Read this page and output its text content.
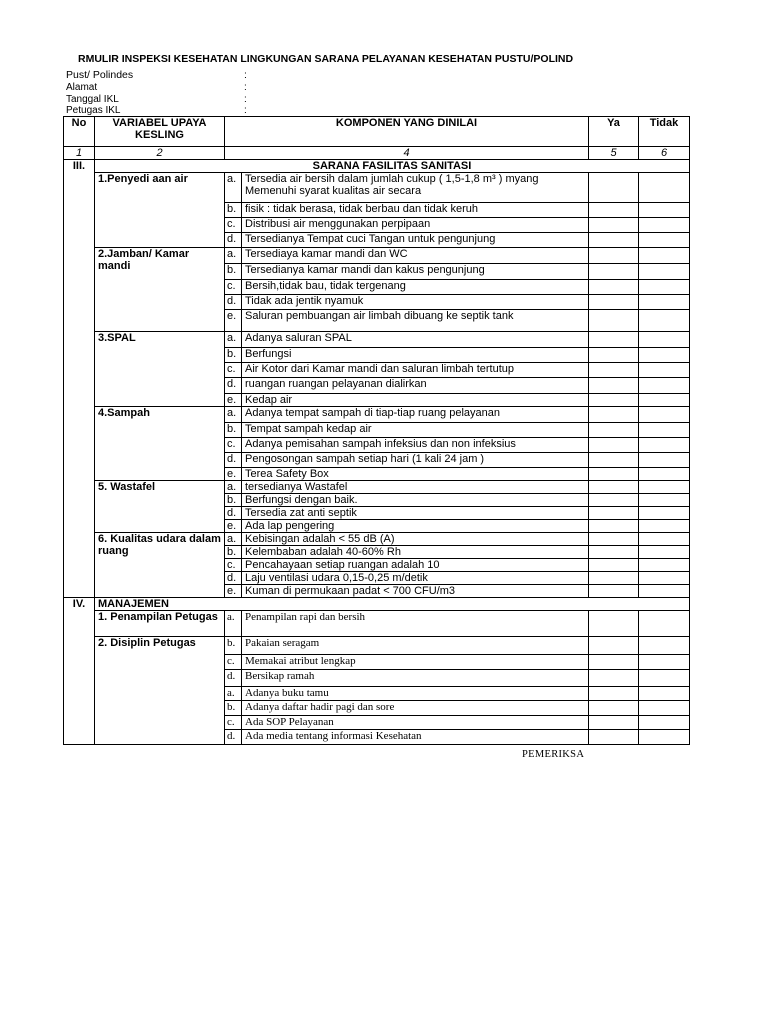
RMULIR INSPEKSI KESEHATAN LINGKUNGAN SARANA PELAYANAN KESEHATAN PUSTU/POLIND
Pust/ Polindes	:
Alamat	:
Tanggal IKL	:
Petugas IKL	:
No	VARIABEL UPAYA KESLING	KOMPONEN YANG DINILAI		Ya	Tidak
1	2	4		5	6
III.	SARANA FASILITAS SANITASI				
	1.Penyedi aan air	a.	Tersedia air bersih dalam jumlah cukup ( 1,5-1,8 m³ ) myang Memenuhi syarat kualitas air secara		
		b.	fisik : tidak berasa, tidak berbau dan tidak keruh		
		c.	Distribusi air menggunakan perpipaan		
		d.	Tersedianya Tempat cuci Tangan untuk pengunjung		
	2.Jamban/ Kamar mandi	a.	Tersediaya kamar mandi dan WC		
		b.	Tersedianya kamar mandi dan kakus pengunjung		
		c.	Bersih,tidak bau, tidak tergenang		
		d.	Tidak ada jentik nyamuk		
		e.	Saluran pembuangan air limbah dibuang ke septik tank		
	3.SPAL	a.	Adanya saluran SPAL		
		b.	Berfungsi		
		c.	Air Kotor dari Kamar mandi dan saluran limbah tertutup		
		d.	ruangan ruangan pelayanan dialirkan		
		e.	Kedap air		
	4.Sampah	a.	Adanya tempat sampah di tiap-tiap ruang pelayanan		
		b.	Tempat sampah kedap air		
		c.	Adanya pemisahan sampah infeksius dan non infeksius		
		d.	Pengosongan sampah setiap hari (1 kali 24 jam )		
		e.	Terea Safety Box		
	5. Wastafel	a.	tersedianya Wastafel		
		b.	Berfungsi dengan baik.		
		d.	Tersedia zat anti septik		
		e.	Ada lap pengering		
	6. Kualitas udara dalam ruang	a.	Kebisingan adalah < 55 dB (A)		
		b.	Kelembaban adalah 40-60% Rh		
		c.	Pencahayaan setiap ruangan adalah 10		
		d.	Laju ventilasi udara 0,15-0,25 m/detik		
		e.	Kuman di permukaan padat < 700 CFU/m3		
IV.	MANAJEMEN				
	1. Penampilan Petugas	a.	Penampilan rapi dan bersih		
	2. Disiplin Petugas	b.	Pakaian seragam		
		c.	Memakai atribut lengkap		
		d.	Bersikap ramah		
		a.	Adanya buku tamu		
		b.	Adanya daftar hadir pagi dan sore		
		c.	Ada SOP Pelayanan		
		d.	Ada media tentang informasi Kesehatan		
PEMERIKSA
